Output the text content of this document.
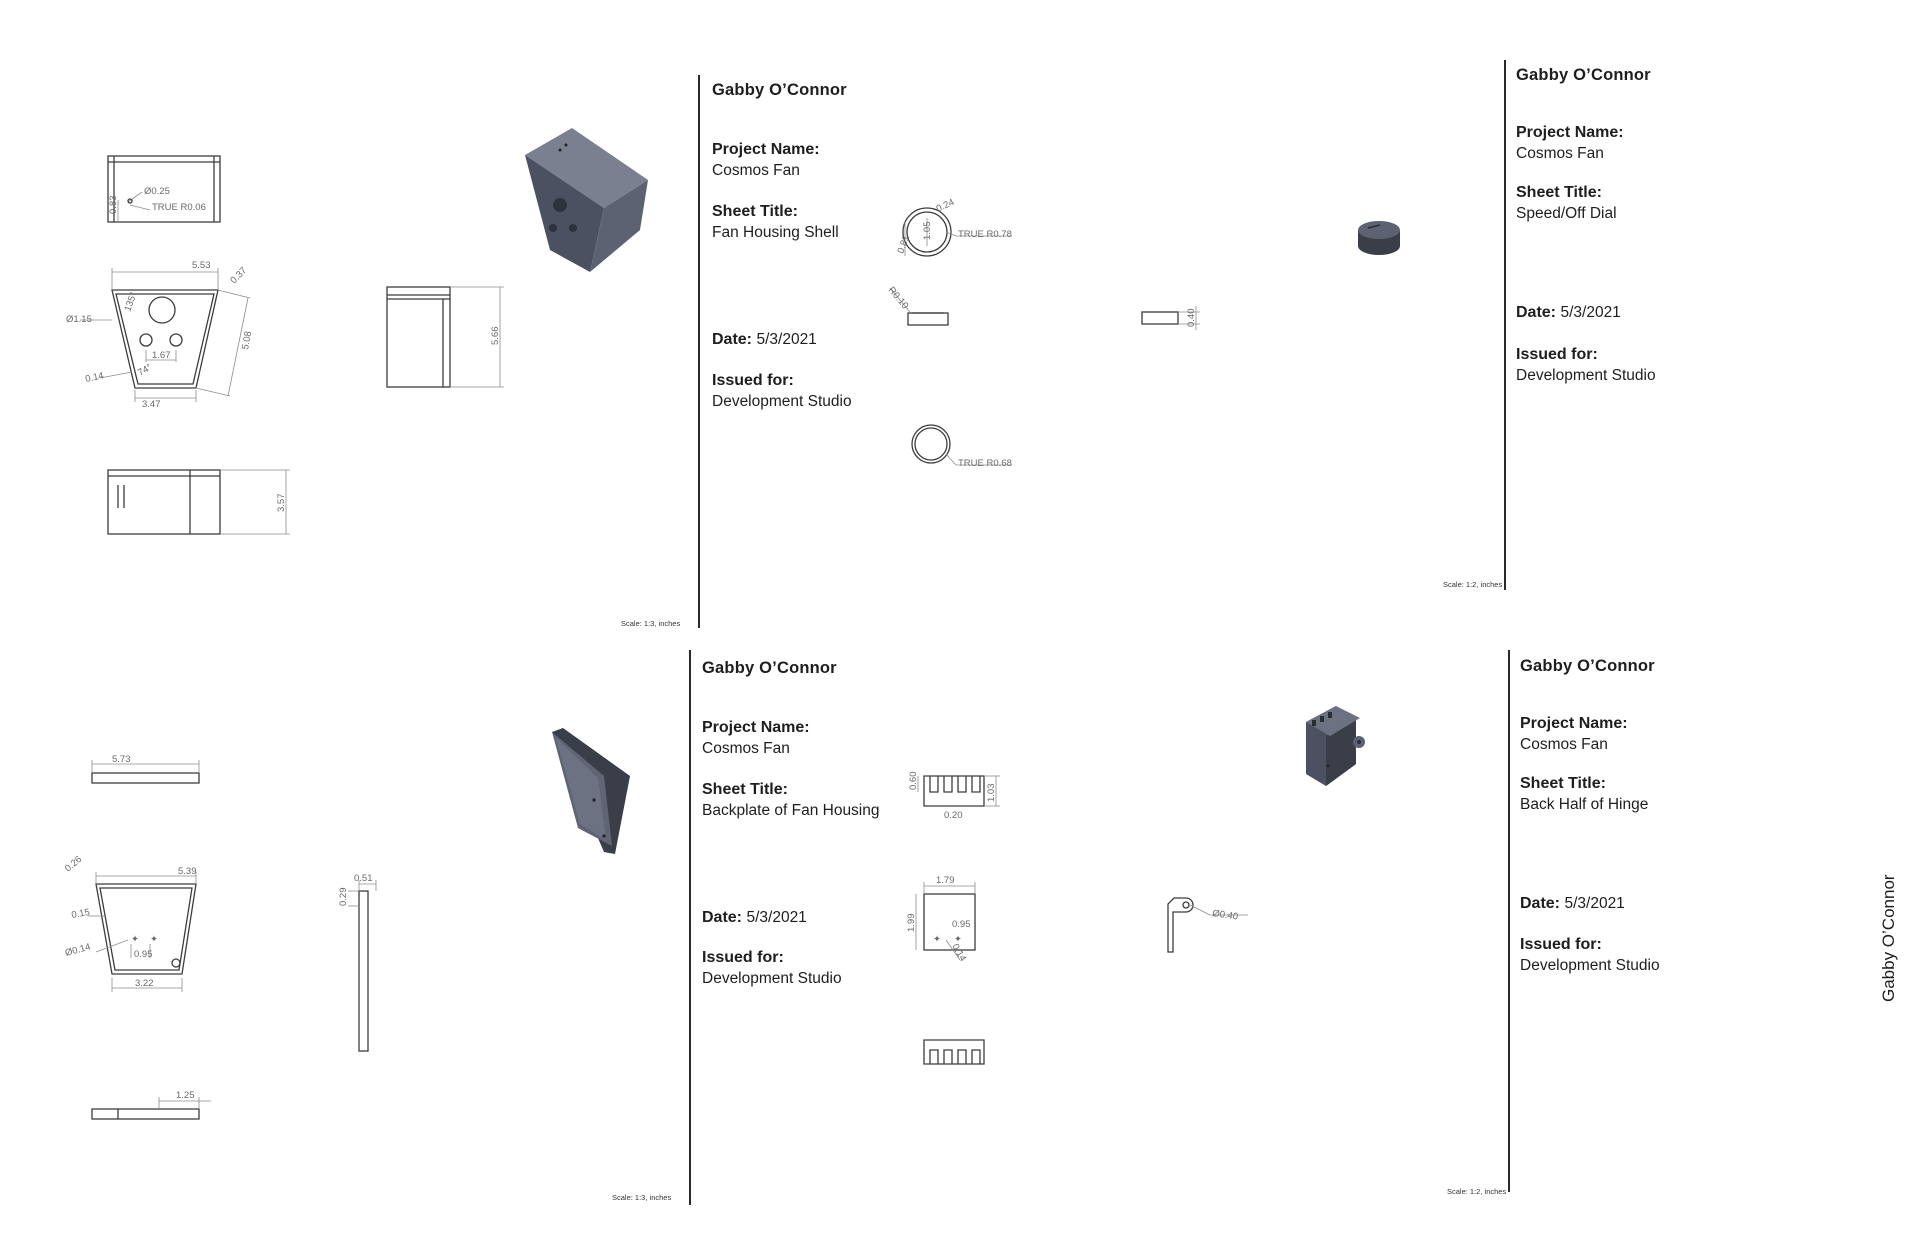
Ø0.25
0.83	TRUE R0.06
5.53 0.37
Ø1.15
135°
5.08
1.67
0.14	74°
3.47
5.66
3.57
Scale: 1:3, inches
Gabby O’Connor
Project Name:
Cosmos Fan
Sheet Title:
Fan Housing Shell
Date: 5/3/2021
Issued for:
Development Studio
0.24
1.05
0.81	TRUE R0.78
R0.10
0.40
TRUE R0.68
Scale: 1:2, inches
Gabby O’Connor
Project Name:
Cosmos Fan
Sheet Title:
Speed/Off Dial
Date: 5/3/2021
Issued for:
Development Studio
5.73
✦ ✦
0.26	5.39
0.15
Ø0.14	0.95
3.22
0.51
0.29
1.25
Scale: 1:3, inches
Gabby O’Connor
Project Name:
Cosmos Fan
Sheet Title:
Backplate of Fan Housing
Date: 5/3/2021
Issued for:
Development Studio
1.03
0.60
0.20
1.79
1.99
✦ ✦
0.95
0.14
Ø0.40
Scale: 1:2, inches
Gabby O’Connor
Project Name:
Cosmos Fan
Sheet Title:
Back Half of Hinge
Date: 5/3/2021
Issued for:
Development Studio	Gabby O’Connor
